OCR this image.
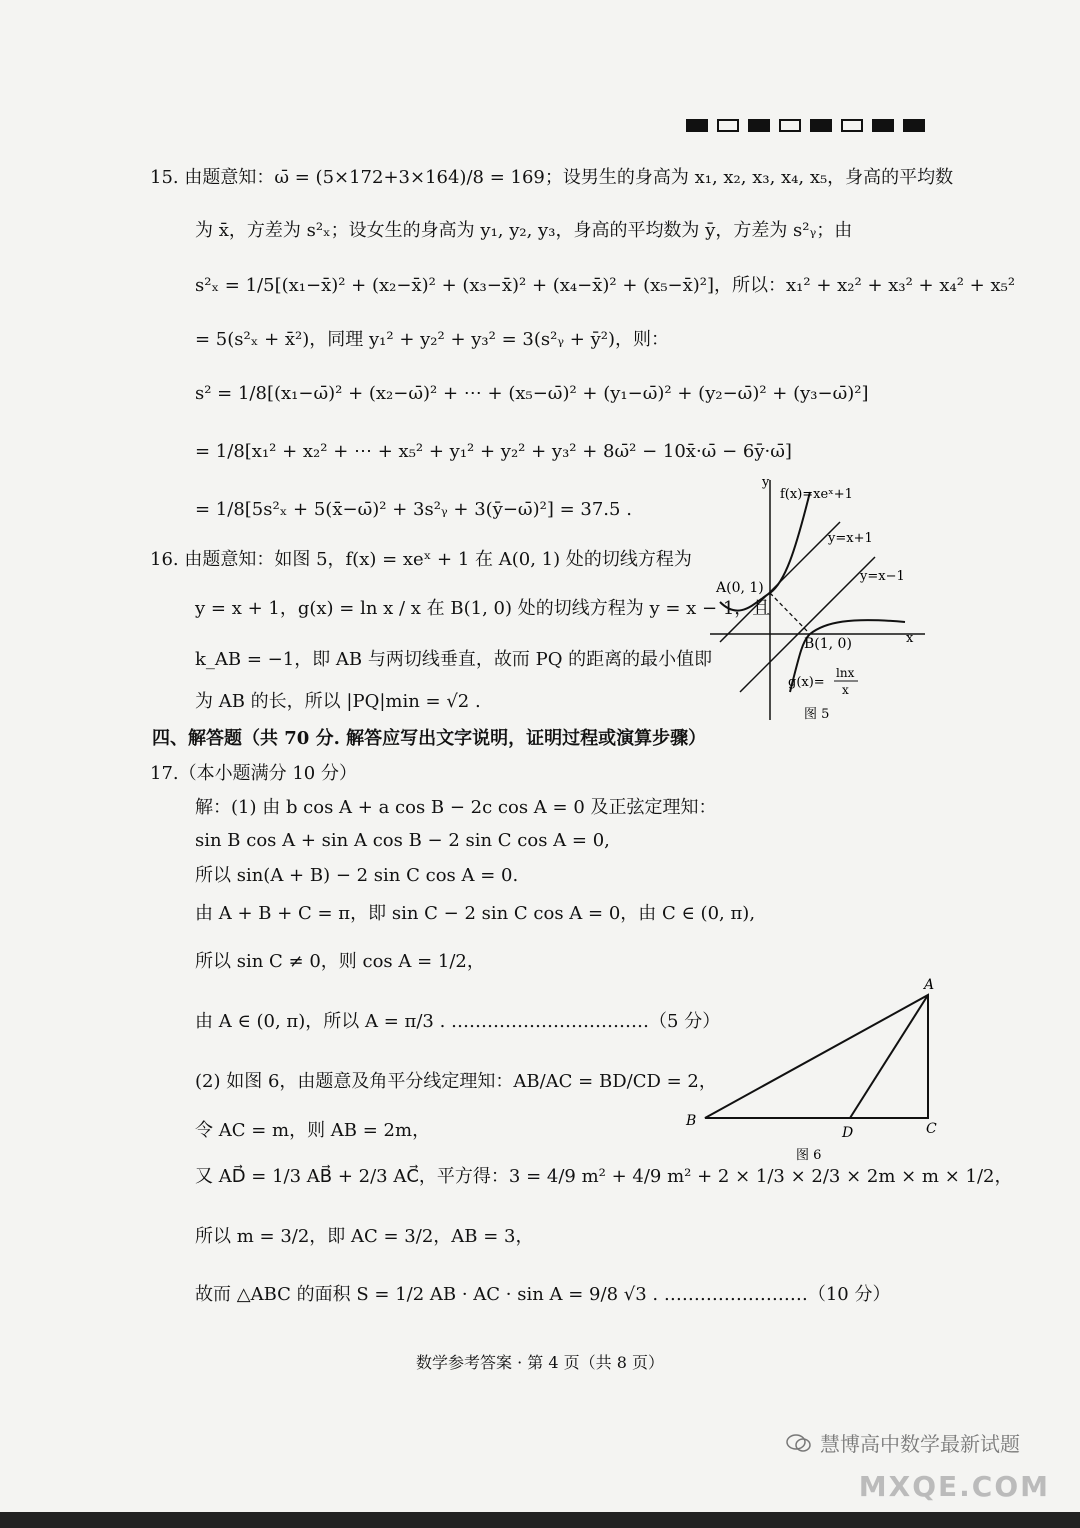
15. 由题意知：ω̄ = (5×172+3×164)/8 = 169；设男生的身高为 x₁, x₂, x₃, x₄, x₅，身高的平均数
为 x̄，方差为 s²ₓ；设女生的身高为 y₁, y₂, y₃，身高的平均数为 ȳ，方差为 s²ᵧ；由
s²ₓ = 1/5[(x₁−x̄)² + (x₂−x̄)² + (x₃−x̄)² + (x₄−x̄)² + (x₅−x̄)²]，所以：x₁² + x₂² + x₃² + x₄² + x₅²
= 5(s²ₓ + x̄²)，同理 y₁² + y₂² + y₃² = 3(s²ᵧ + ȳ²)，则：
s² = 1/8[(x₁−ω̄)² + (x₂−ω̄)² + ⋯ + (x₅−ω̄)² + (y₁−ω̄)² + (y₂−ω̄)² + (y₃−ω̄)²]
= 1/8[x₁² + x₂² + ⋯ + x₅² + y₁² + y₂² + y₃² + 8ω̄² − 10x̄·ω̄ − 6ȳ·ω̄]
= 1/8[5s²ₓ + 5(x̄−ω̄)² + 3s²ᵧ + 3(ȳ−ω̄)²] = 37.5 .
16. 由题意知：如图 5，f(x) = xeˣ + 1 在 A(0, 1) 处的切线方程为
y = x + 1，g(x) = ln x / x 在 B(1, 0) 处的切线方程为 y = x − 1，且
k_AB = −1，即 AB 与两切线垂直，故而 PQ 的距离的最小值即
为 AB 的长，所以 |PQ|min = √2 .
y
x
f(x)=xeˣ+1
y=x+1
y=x−1
A(0, 1)
B(1, 0)
g(x)=
lnx
x
图 5
四、解答题（共 70 分. 解答应写出文字说明，证明过程或演算步骤）
17.（本小题满分 10 分）
解：(1) 由 b cos A + a cos B − 2c cos A = 0 及正弦定理知：
sin B cos A + sin A cos B − 2 sin C cos A = 0,
所以 sin(A + B) − 2 sin C cos A = 0.
由 A + B + C = π，即 sin C − 2 sin C cos A = 0，由 C ∈ (0, π),
所以 sin C ≠ 0，则 cos A = 1/2，
由 A ∈ (0, π)，所以 A = π/3 . ……………………………（5 分）
(2) 如图 6，由题意及角平分线定理知：AB/AC = BD/CD = 2，
令 AC = m，则 AB = 2m，
又 AD⃗ = 1/3 AB⃗ + 2/3 AC⃗，平方得：3 = 4/9 m² + 4/9 m² + 2 × 1/3 × 2/3 × 2m × m × 1/2，
所以 m = 3/2，即 AC = 3/2，AB = 3，
故而 △ABC 的面积 S = 1/2 AB · AC · sin A = 9/8 √3 . ……………………（10 分）
A
B	C
D
图 6
数学参考答案 · 第 4 页（共 8 页）
慧博高中数学最新试题
MXQE.COM
